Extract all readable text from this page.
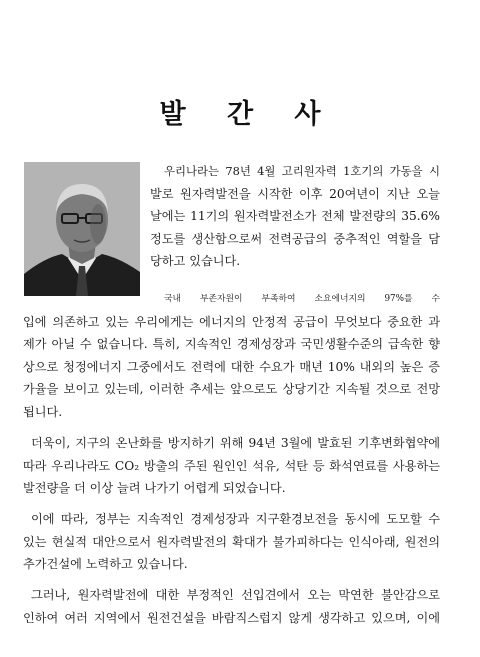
발 간 사
우리나라는 78년 4월 고리원자력 1호기의 가동을 시
발로 원자력발전을 시작한 이후 20여년이 지난 오늘
날에는 11기의 원자력발전소가 전체 발전량의 35.6%
정도를 생산함으로써 전력공급의 중추적인 역할을 담
당하고 있습니다.
국내 부존자원이 부족하여 소요에너지의 97%를 수
입에 의존하고 있는 우리에게는 에너지의 안정적 공급이 무엇보다 중요한 과
제가 아닐 수 없습니다. 특히, 지속적인 경제성장과 국민생활수준의 급속한 향
상으로 청정에너지 그중에서도 전력에 대한 수요가 매년 10% 내외의 높은 증
가율을 보이고 있는데, 이러한 추세는 앞으로도 상당기간 지속될 것으로 전망
됩니다.
더욱이, 지구의 온난화를 방지하기 위해 94년 3월에 발효된 기후변화협약에
따라 우리나라도 CO₂ 방출의 주된 원인인 석유, 석탄 등 화석연료를 사용하는
발전량을 더 이상 늘려 나가기 어렵게 되었습니다.
이에 따라, 정부는 지속적인 경제성장과 지구환경보전을 동시에 도모할 수
있는 현실적 대안으로서 원자력발전의 확대가 불가피하다는 인식아래, 원전의
추가건설에 노력하고 있습니다.
그러나, 원자력발전에 대한 부정적인 선입견에서 오는 막연한 불안감으로
인하여 여러 지역에서 원전건설을 바람직스럽지 않게 생각하고 있으며, 이에
